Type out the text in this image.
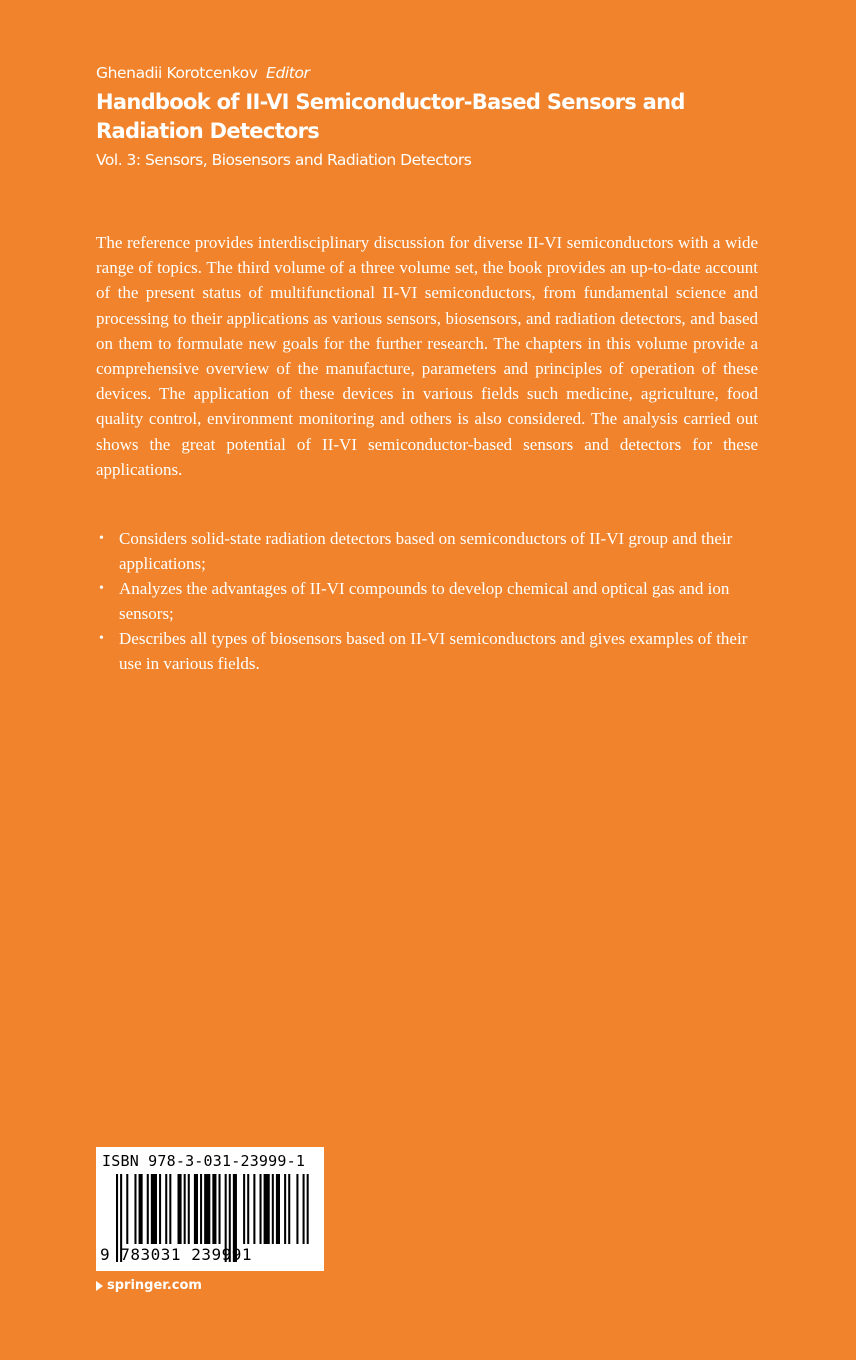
Ghenadii Korotcenkov Editor
Handbook of II-VI Semiconductor-Based Sensors and Radiation Detectors
Vol. 3: Sensors, Biosensors and Radiation Detectors

The reference provides interdisciplinary discussion for diverse II-VI semiconductors with a wide range of topics. The third volume of a three volume set, the book provides an up-to-date account of the present status of multifunctional II-VI semiconductors, from fundamental science and processing to their applications as various sensors, biosensors, and radiation detectors, and based on them to formulate new goals for the further research. The chapters in this volume provide a comprehensive overview of the manufacture, parameters and principles of operation of these devices. The application of these devices in various fields such medicine, agriculture, food quality control, environment monitoring and others is also considered. The analysis carried out shows the great potential of II-VI semiconductor-based sensors and detectors for these applications.

• Considers solid-state radiation detectors based on semiconductors of II-VI group and their applications;
• Analyzes the advantages of II-VI compounds to develop chemical and optical gas and ion sensors;
• Describes all types of biosensors based on II-VI semiconductors and gives examples of their use in various fields.
ISBN 978-3-031-23999-1
9 783031 239991
springer.com
